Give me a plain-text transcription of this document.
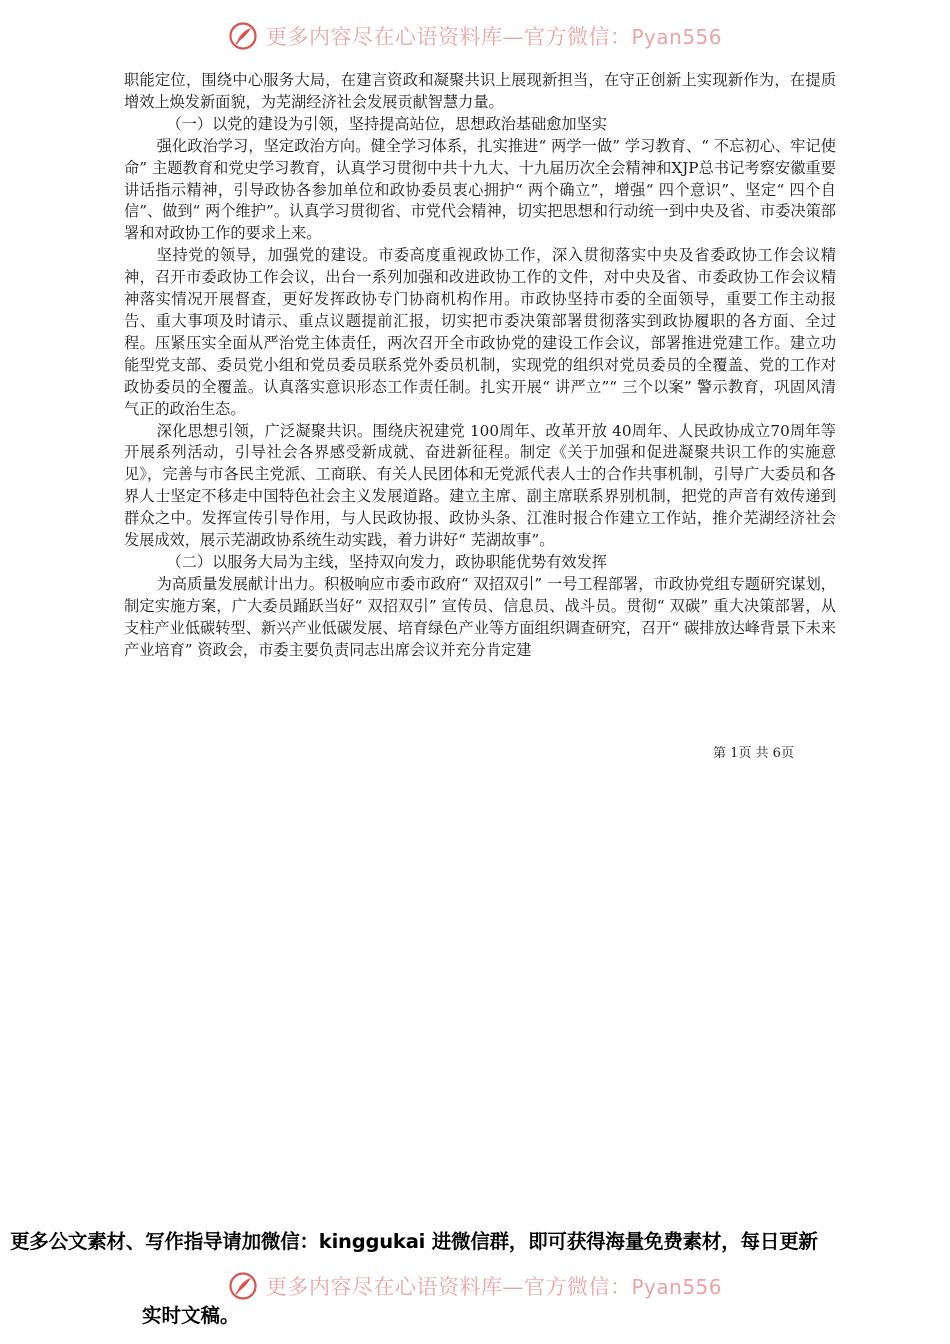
更多内容尽在心语资料库—官方微信：Pyan556

职能定位，围绕中心服务大局，在建言资政和凝聚共识上展现新担当，在守正创新上实现新作为，在提质增效上焕发新面貌，为芜湖经济社会发展贡献智慧力量。

（一）以党的建设为引领，坚持提高站位，思想政治基础愈加坚实

强化政治学习，坚定政治方向。健全学习体系，扎实推进“ 两学一做” 学习教育、“ 不忘初心、牢记使命” 主题教育和党史学习教育，认真学习贯彻中共十九大、十九届历次全会精神和XJP总书记考察安徽重要讲话指示精神，引导政协各参加单位和政协委员衷心拥护“ 两个确立”，增强“ 四个意识”、坚定“ 四个自信”、做到“ 两个维护”。认真学习贯彻省、市党代会精神，切实把思想和行动统一到中央及省、市委决策部署和对政协工作的要求上来。

坚持党的领导，加强党的建设。市委高度重视政协工作，深入贯彻落实中央及省委政协工作会议精神，召开市委政协工作会议，出台一系列加强和改进政协工作的文件，对中央及省、市委政协工作会议精神落实情况开展督查，更好发挥政协专门协商机构作用。市政协坚持市委的全面领导，重要工作主动报告、重大事项及时请示、重点议题提前汇报，切实把市委决策部署贯彻落实到政协履职的各方面、全过程。压紧压实全面从严治党主体责任，两次召开全市政协党的建设工作会议，部署推进党建工作。建立功能型党支部、委员党小组和党员委员联系党外委员机制，实现党的组织对党员委员的全覆盖、党的工作对政协委员的全覆盖。认真落实意识形态工作责任制。扎实开展“ 讲严立”“ 三个以案” 警示教育，巩固风清气正的政治生态。

深化思想引领，广泛凝聚共识。围绕庆祝建党 100周年、改革开放 40周年、人民政协成立70周年等开展系列活动，引导社会各界感受新成就、奋进新征程。制定《关于加强和促进凝聚共识工作的实施意见》，完善与市各民主党派、工商联、有关人民团体和无党派代表人士的合作共事机制，引导广大委员和各界人士坚定不移走中国特色社会主义发展道路。建立主席、副主席联系界别机制，把党的声音有效传递到群众之中。发挥宣传引导作用，与人民政协报、政协头条、江淮时报合作建立工作站，推介芜湖经济社会发展成效，展示芜湖政协系统生动实践，着力讲好“ 芜湖故事”。

（二）以服务大局为主线，坚持双向发力，政协职能优势有效发挥

为高质量发展献计出力。积极响应市委市政府“ 双招双引” 一号工程部署，市政协党组专题研究谋划，制定实施方案，广大委员踊跃当好“ 双招双引” 宣传员、信息员、战斗员。贯彻“ 双碳” 重大决策部署，从支柱产业低碳转型、新兴产业低碳发展、培育绿色产业等方面组织调查研究，召开“ 碳排放达峰背景下未来产业培育” 资政会，市委主要负责同志出席会议并充分肯定建

第 1页 共 6页
更多公文素材、写作指导请加微信：kinggukai 进微信群，即可获得海量免费素材，每日更新
更多内容尽在心语资料库—官方微信：Pyan556
实时文稿。
